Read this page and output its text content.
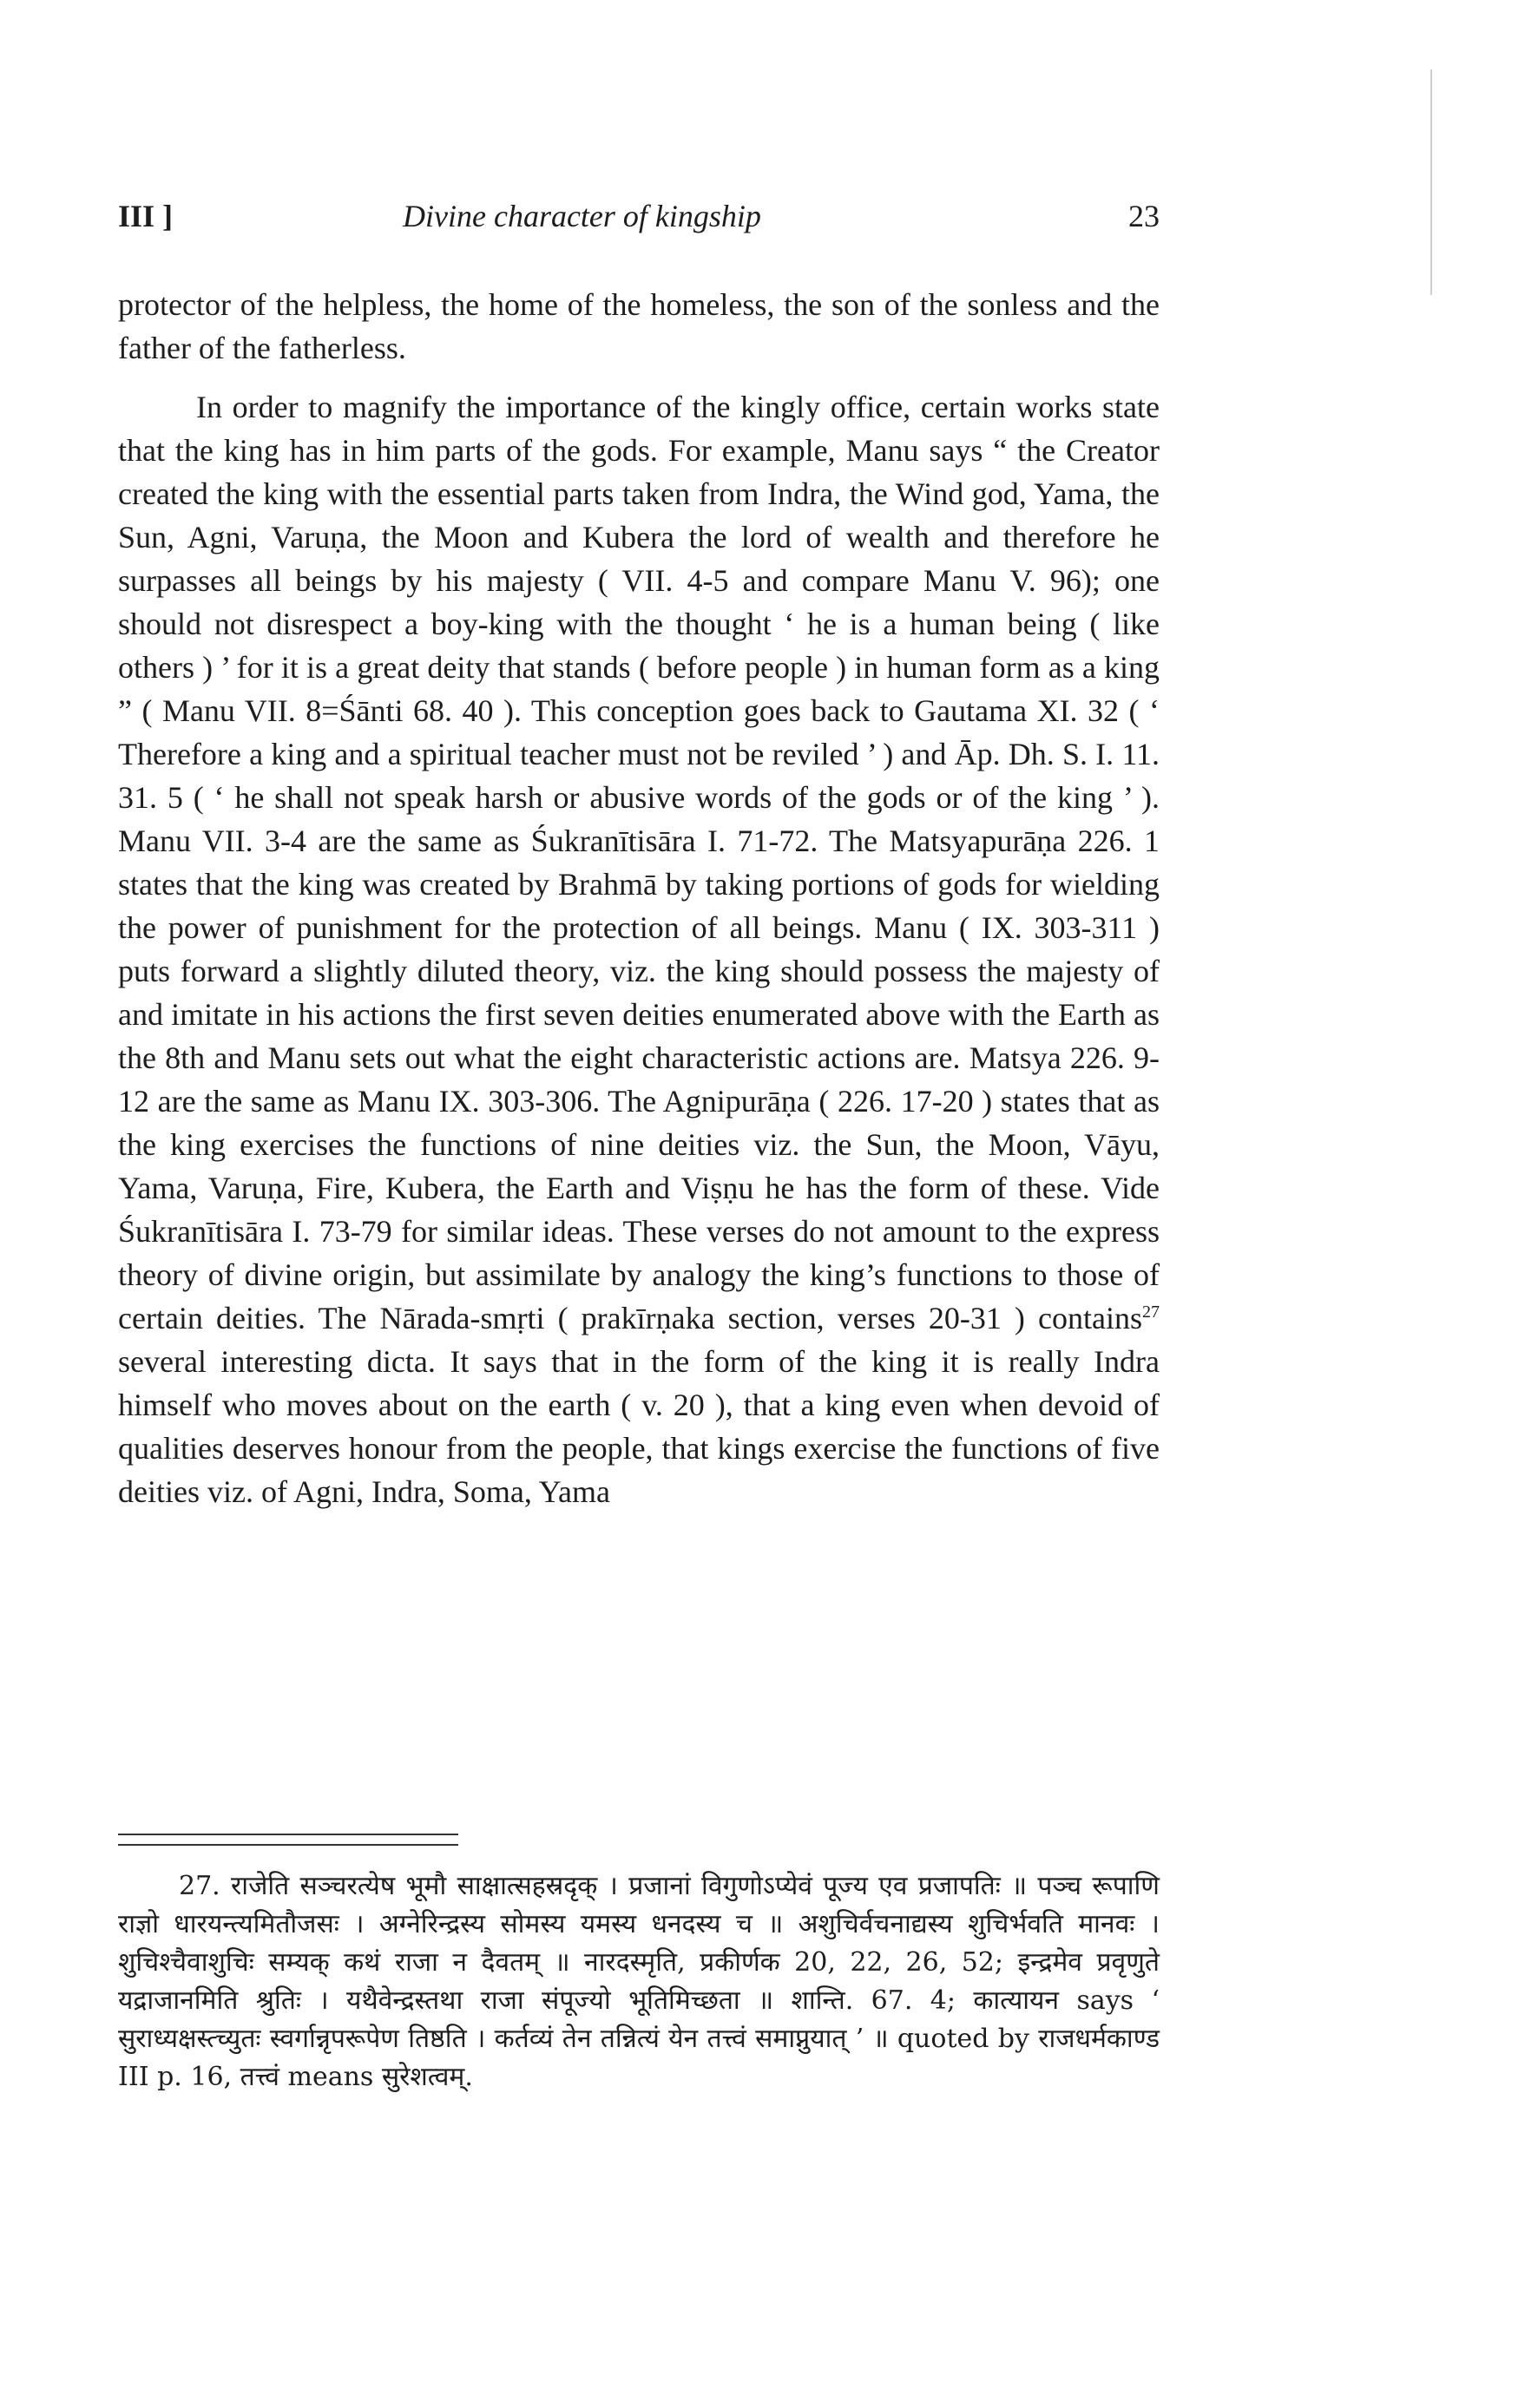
III ]	Divine character of kingship	23

protector of the helpless, the home of the homeless, the son of the sonless and the father of the fatherless.

In order to magnify the importance of the kingly office, certain works state that the king has in him parts of the gods. For example, Manu says “ the Creator created the king with the essential parts taken from Indra, the Wind god, Yama, the Sun, Agni, Varuṇa, the Moon and Kubera the lord of wealth and therefore he surpasses all beings by his majesty ( VII. 4-5 and compare Manu V. 96); one should not disrespect a boy-king with the thought ‘ he is a human being ( like others ) ’ for it is a great deity that stands ( before people ) in human form as a king ” ( Manu VII. 8=Śānti 68. 40 ). This conception goes back to Gautama XI. 32 ( ‘ Therefore a king and a spiritual teacher must not be reviled ’ ) and Āp. Dh. S. I. 11. 31. 5 ( ‘ he shall not speak harsh or abusive words of the gods or of the king ’ ). Manu VII. 3-4 are the same as Śukranītisāra I. 71-72. The Matsyapurāṇa 226. 1 states that the king was created by Brahmā by taking portions of gods for wielding the power of punishment for the protection of all beings. Manu ( IX. 303-311 ) puts forward a slightly diluted theory, viz. the king should possess the majesty of and imitate in his actions the first seven deities enumerated above with the Earth as the 8th and Manu sets out what the eight characteristic actions are. Matsya 226. 9-12 are the same as Manu IX. 303-306. The Agnipurāṇa ( 226. 17-20 ) states that as the king exercises the functions of nine deities viz. the Sun, the Moon, Vāyu, Yama, Varuṇa, Fire, Kubera, the Earth and Viṣṇu he has the form of these. Vide Śukranītisāra I. 73-79 for similar ideas. These verses do not amount to the express theory of divine origin, but assimilate by analogy the king’s functions to those of certain deities. The Nārada-smṛti ( prakīrṇaka section, verses 20-31 ) contains$^{27}$ several interesting dicta. It says that in the form of the king it is really Indra himself who moves about on the earth ( v. 20 ), that a king even when devoid of qualities deserves honour from the people, that kings exercise the functions of five deities viz. of Agni, Indra, Soma, Yama

27. राजेति सञ्चरत्येष भूमौ साक्षात्सहस्रदृक् । प्रजानां विगुणोऽप्येवं पूज्य एव प्रजापतिः ॥ पञ्च रूपाणि राज्ञो धारयन्त्यमितौजसः । अग्नेरिन्द्रस्य सोमस्य यमस्य धनदस्य च ॥ अशुचिर्वचनाद्यस्य शुचिर्भवति मानवः । शुचिश्चैवाशुचिः सम्यक् कथं राजा न दैवतम् ॥ नारदस्मृति, प्रकीर्णक 20, 22, 26, 52; इन्द्रमेव प्रवृणुते यद्राजानमिति श्रुतिः । यथैवेन्द्रस्तथा राजा संपूज्यो भूतिमिच्छता ॥ शान्ति. 67. 4; कात्यायन says ‘ सुराध्यक्षस्त्च्युतः स्वर्गान्नृपरूपेण तिष्ठति । कर्तव्यं तेन तन्नित्यं येन तत्त्वं समाप्नुयात् ’ ॥ quoted by राजधर्मकाण्ड III p. 16, तत्त्वं means सुरेशत्वम्.
